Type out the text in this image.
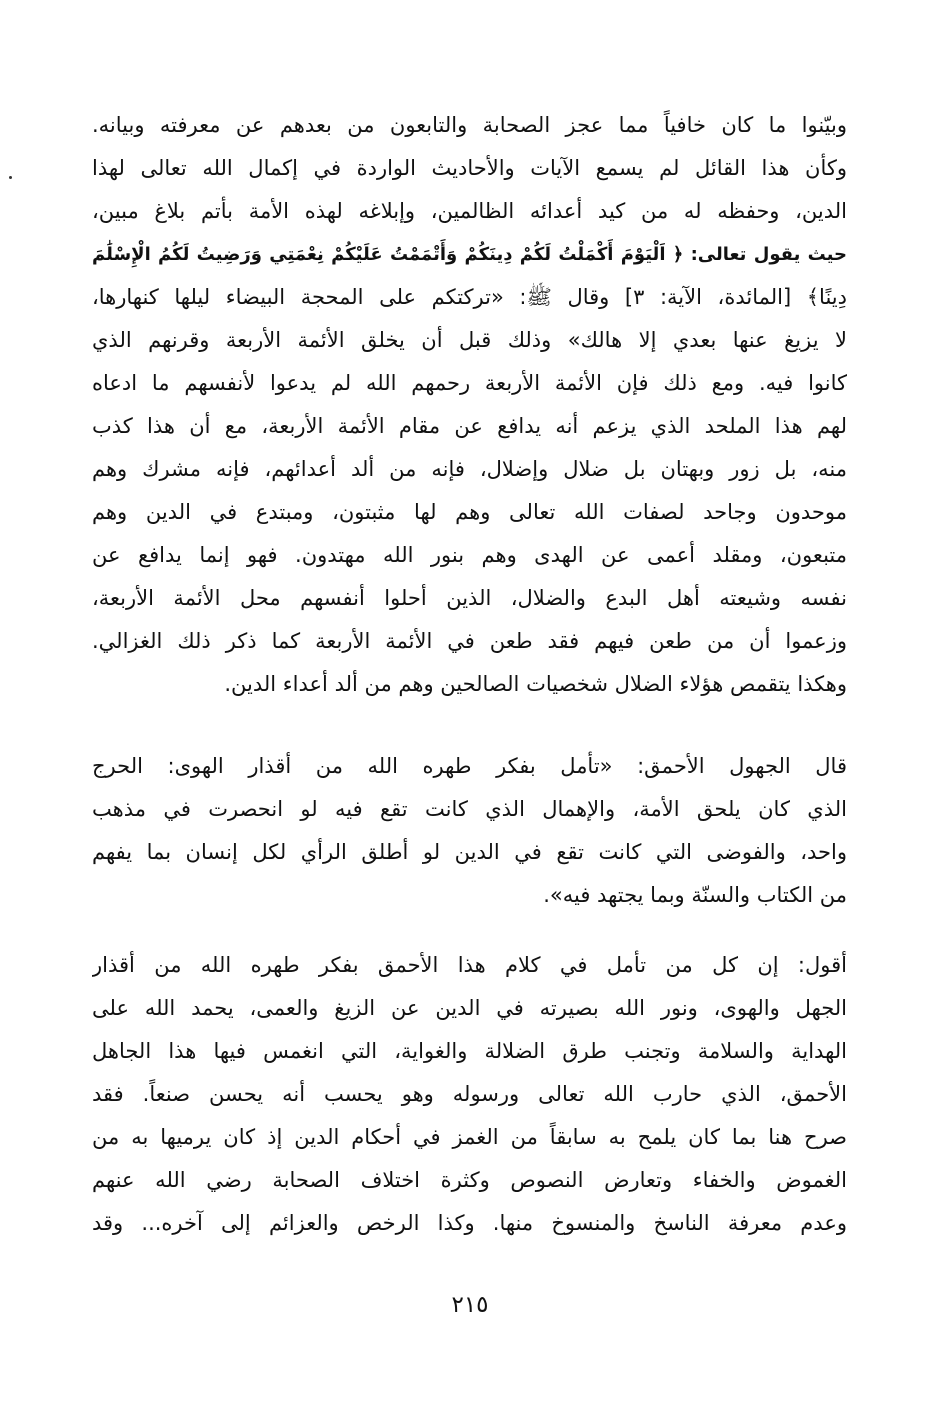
وبيّنوا ما كان خافياً مما عجز الصحابة والتابعون من بعدهم عن معرفته وبيانه.
وكأن هذا القائل لم يسمع الآيات والأحاديث الواردة في إكمال الله تعالى لهذا
الدين، وحفظه له من كيد أعدائه الظالمين، وإبلاغه لهذه الأمة بأتم بلاغ مبين،
حيث يقول تعالى: ﴿ اَلْيَوْمَ أَكْمَلْتُ لَكُمْ دِينَكُمْ وَأَتْمَمْتُ عَلَيْكُمْ نِعْمَتِي وَرَضِيتُ لَكُمُ الْإِسْلَٰمَ
دِينًا﴾ [المائدة، الآية: ٣] وقال ﷺ: «تركتكم على المحجة البيضاء ليلها كنهارها،
لا يزيغ عنها بعدي إلا هالك» وذلك قبل أن يخلق الأئمة الأربعة وقرنهم الذي
كانوا فيه. ومع ذلك فإن الأئمة الأربعة رحمهم الله لم يدعوا لأنفسهم ما ادعاه
لهم هذا الملحد الذي يزعم أنه يدافع عن مقام الأئمة الأربعة، مع أن هذا كذب
منه، بل زور وبهتان بل ضلال وإضلال، فإنه من ألد أعدائهم، فإنه مشرك وهم
موحدون وجاحد لصفات الله تعالى وهم لها مثبتون، ومبتدع في الدين وهم
متبعون، ومقلد أعمى عن الهدى وهم بنور الله مهتدون. فهو إنما يدافع عن
نفسه وشيعته أهل البدع والضلال، الذين أحلوا أنفسهم محل الأئمة الأربعة،
وزعموا أن من طعن فيهم فقد طعن في الأئمة الأربعة كما ذكر ذلك الغزالي.
وهكذا يتقمص هؤلاء الضلال شخصيات الصالحين وهم من ألد أعداء الدين.
قال الجهول الأحمق: «تأمل بفكر طهره الله من أقذار الهوى: الحرج
الذي كان يلحق الأمة، والإهمال الذي كانت تقع فيه لو انحصرت في مذهب
واحد، والفوضى التي كانت تقع في الدين لو أطلق الرأي لكل إنسان بما يفهم
من الكتاب والسنّة وبما يجتهد فيه».
أقول: إن كل من تأمل في كلام هذا الأحمق بفكر طهره الله من أقذار
الجهل والهوى، ونور الله بصيرته في الدين عن الزيغ والعمى، يحمد الله على
الهداية والسلامة وتجنب طرق الضلالة والغواية، التي انغمس فيها هذا الجاهل
الأحمق، الذي حارب الله تعالى ورسوله وهو يحسب أنه يحسن صنعاً. فقد
صرح هنا بما كان يلمح به سابقاً من الغمز في أحكام الدين إذ كان يرميها به من
الغموض والخفاء وتعارض النصوص وكثرة اختلاف الصحابة رضي الله عنهم
وعدم معرفة الناسخ والمنسوخ منها. وكذا الرخص والعزائم إلى آخره... وقد
٢١٥
